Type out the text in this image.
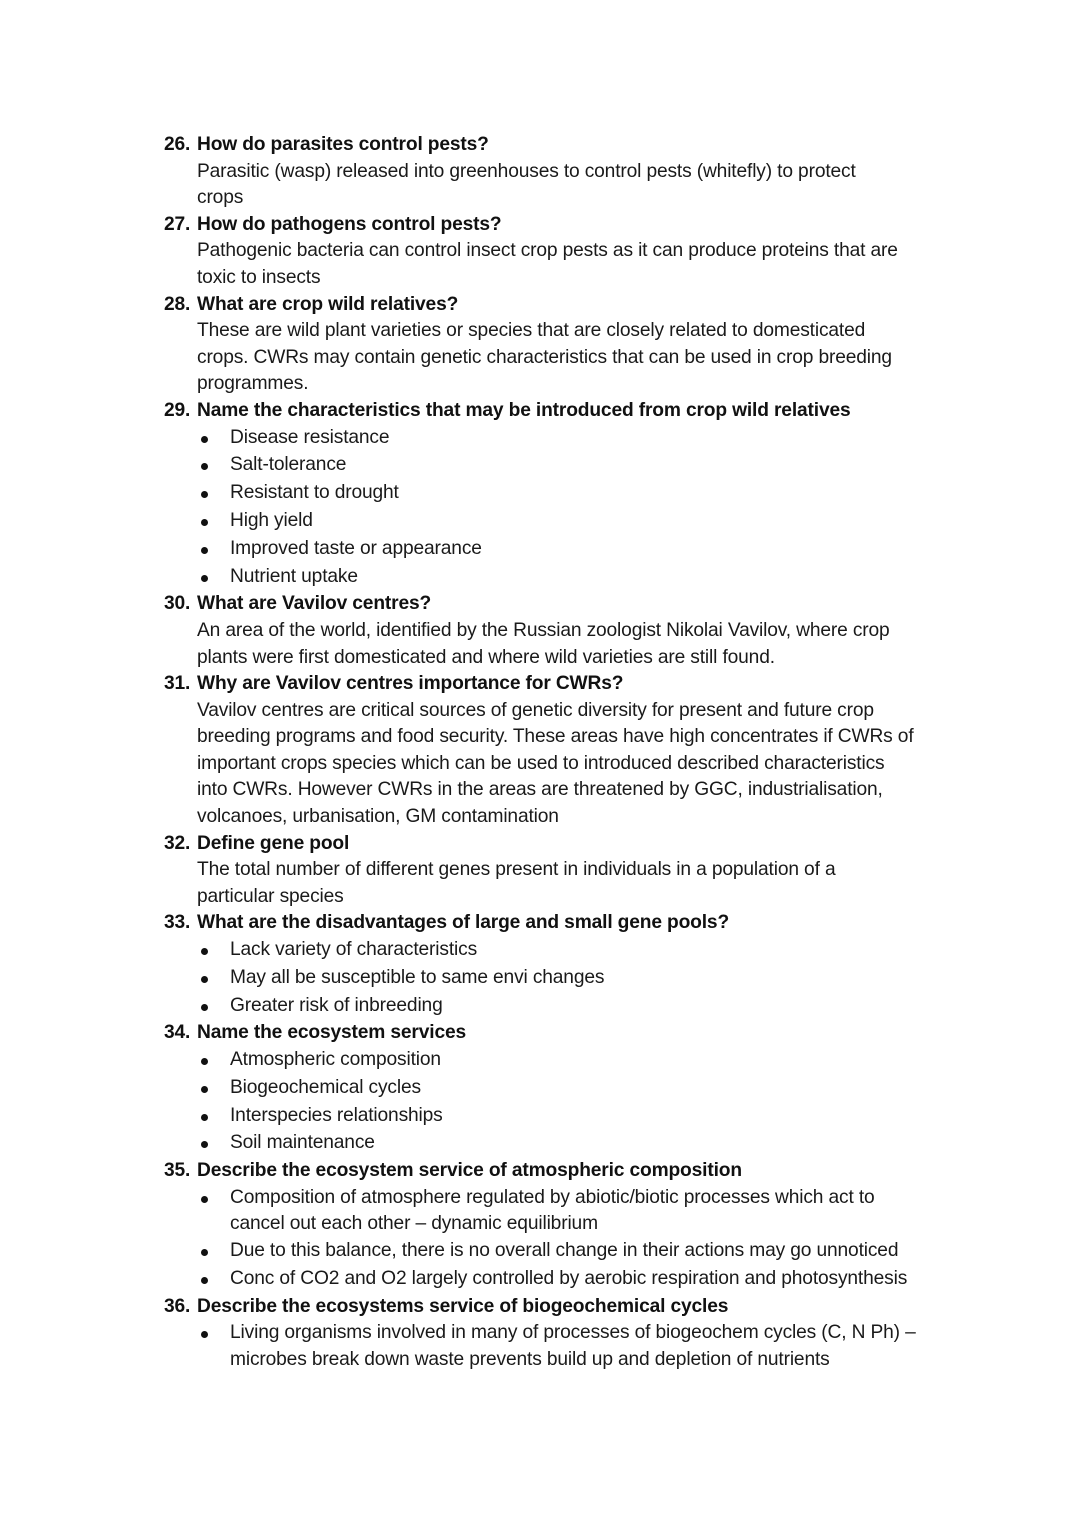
26. How do parasites control pests?
Parasitic (wasp) released into greenhouses to control pests (whitefly) to protect
crops
27. How do pathogens control pests?
Pathogenic bacteria can control insect crop pests as it can produce proteins that are
toxic to insects
28. What are crop wild relatives?
These are wild plant varieties or species that are closely related to domesticated
crops. CWRs may contain genetic characteristics that can be used in crop breeding
programmes.
29. Name the characteristics that may be introduced from crop wild relatives
Disease resistance
Salt-tolerance
Resistant to drought
High yield
Improved taste or appearance
Nutrient uptake
30. What are Vavilov centres?
An area of the world, identified by the Russian zoologist Nikolai Vavilov, where crop
plants were first domesticated and where wild varieties are still found.
31. Why are Vavilov centres importance for CWRs?
Vavilov centres are critical sources of genetic diversity for present and future crop
breeding programs and food security. These areas have high concentrates if CWRs of
important crops species which can be used to introduced described characteristics
into CWRs. However CWRs in the areas are threatened by GGC, industrialisation,
volcanoes, urbanisation, GM contamination
32. Define gene pool
The total number of different genes present in individuals in a population of a
particular species
33. What are the disadvantages of large and small gene pools?
Lack variety of characteristics
May all be susceptible to same envi changes
Greater risk of inbreeding
34. Name the ecosystem services
Atmospheric composition
Biogeochemical cycles
Interspecies relationships
Soil maintenance
35. Describe the ecosystem service of atmospheric composition
Composition of atmosphere regulated by abiotic/biotic processes which act to
cancel out each other – dynamic equilibrium
Due to this balance, there is no overall change in their actions may go unnoticed
Conc of CO2 and O2 largely controlled by aerobic respiration and photosynthesis
36. Describe the ecosystems service of biogeochemical cycles
Living organisms involved in many of processes of biogeochem cycles (C, N Ph) –
microbes break down waste prevents build up and depletion of nutrients
